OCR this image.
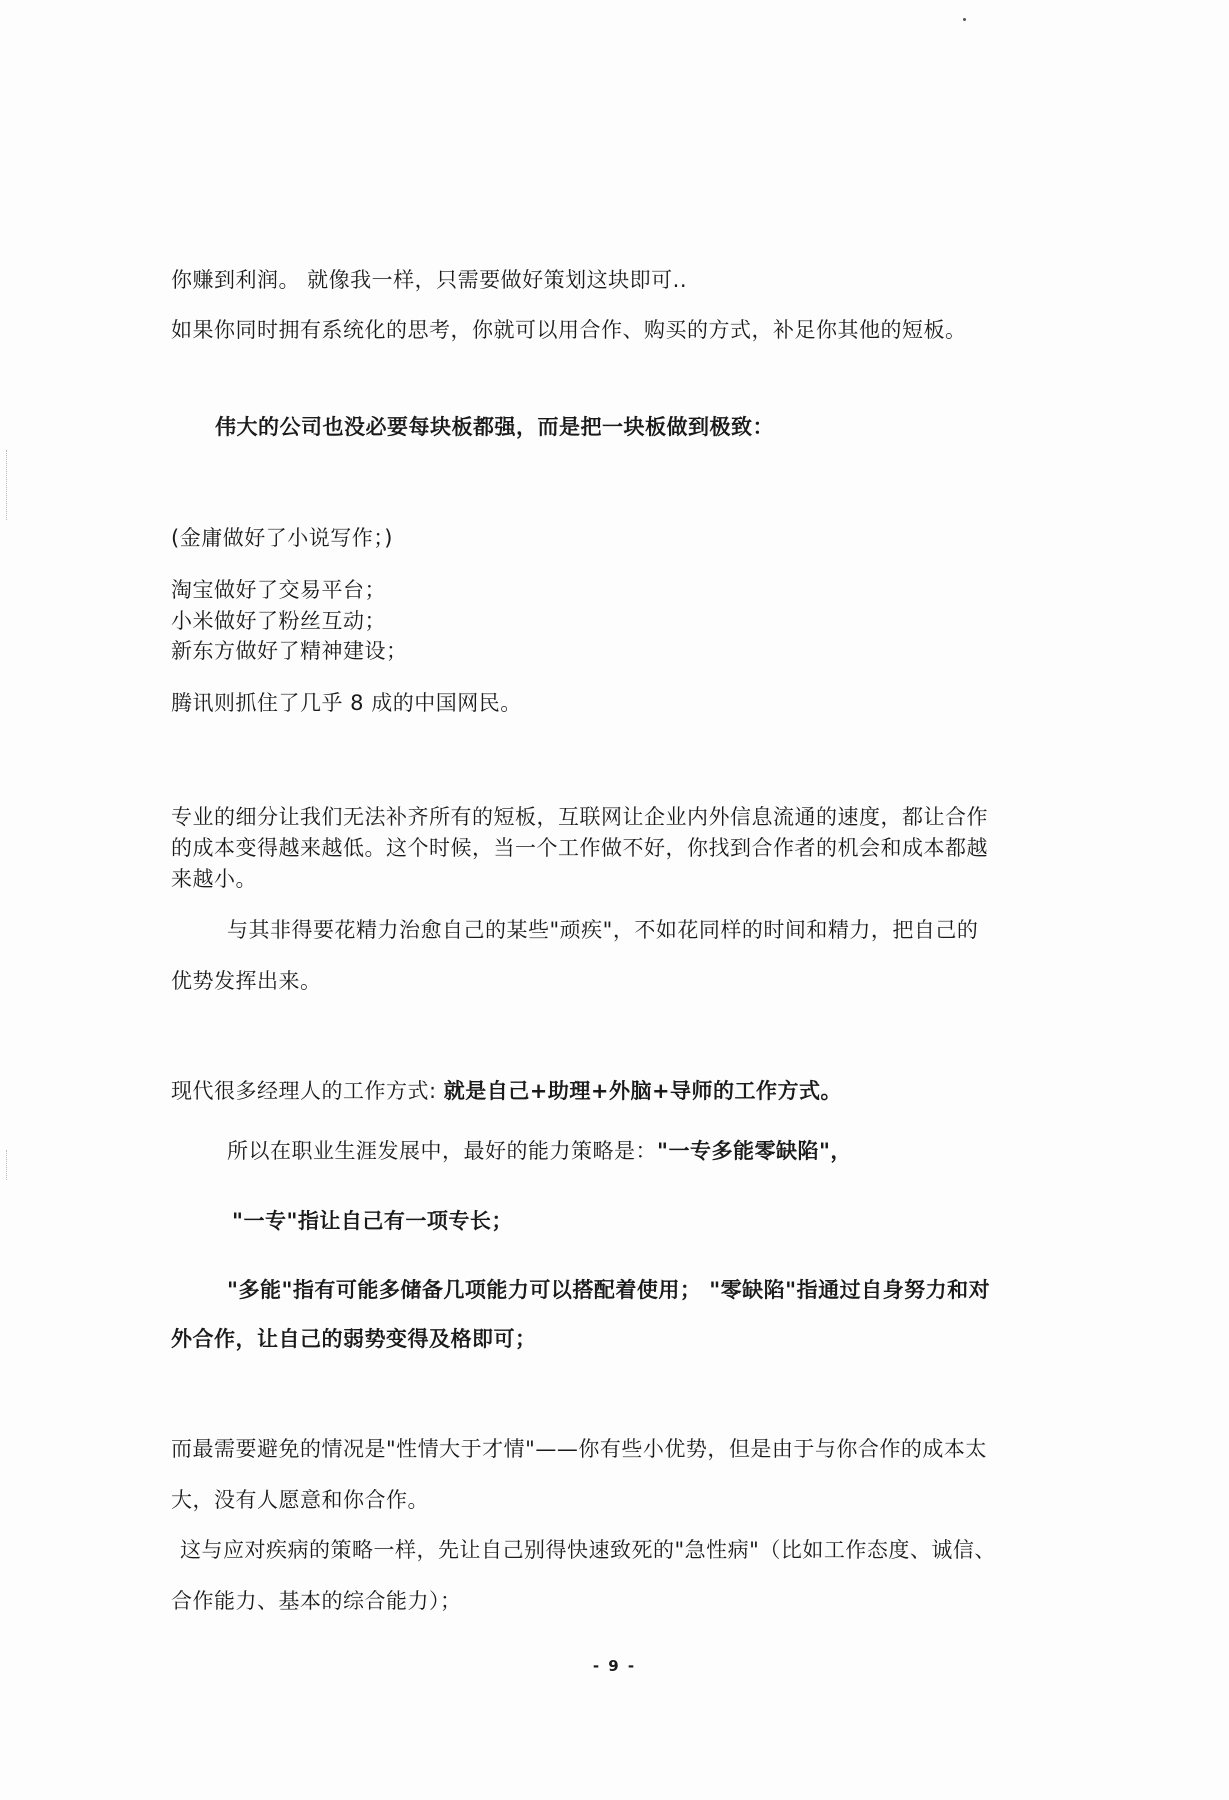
你赚到利润。 就像我一样，只需要做好策划这块即可..
如果你同时拥有系统化的思考，你就可以用合作、购买的方式，补足你其他的短板。
伟大的公司也没必要每块板都强，而是把一块板做到极致：
(金庸做好了小说写作；)
淘宝做好了交易平台；
小米做好了粉丝互动；
新东方做好了精神建设；
腾讯则抓住了几乎 8 成的中国网民。
专业的细分让我们无法补齐所有的短板，互联网让企业内外信息流通的速度，都让合作
的成本变得越来越低。这个时候，当一个工作做不好，你找到合作者的机会和成本都越
来越小。
与其非得要花精力治愈自己的某些"顽疾"，不如花同样的时间和精力，把自己的
优势发挥出来。
现代很多经理人的工作方式: 就是自己+助理+外脑+导师的工作方式。
所以在职业生涯发展中，最好的能力策略是："一专多能零缺陷"，
"一专"指让自己有一项专长；
"多能"指有可能多储备几项能力可以搭配着使用； "零缺陷"指通过自身努力和对
外合作，让自己的弱势变得及格即可；
而最需要避免的情况是"性情大于才情"——你有些小优势，但是由于与你合作的成本太
大，没有人愿意和你合作。
这与应对疾病的策略一样，先让自己别得快速致死的"急性病"（比如工作态度、诚信、
合作能力、基本的综合能力）；
- 9 -
